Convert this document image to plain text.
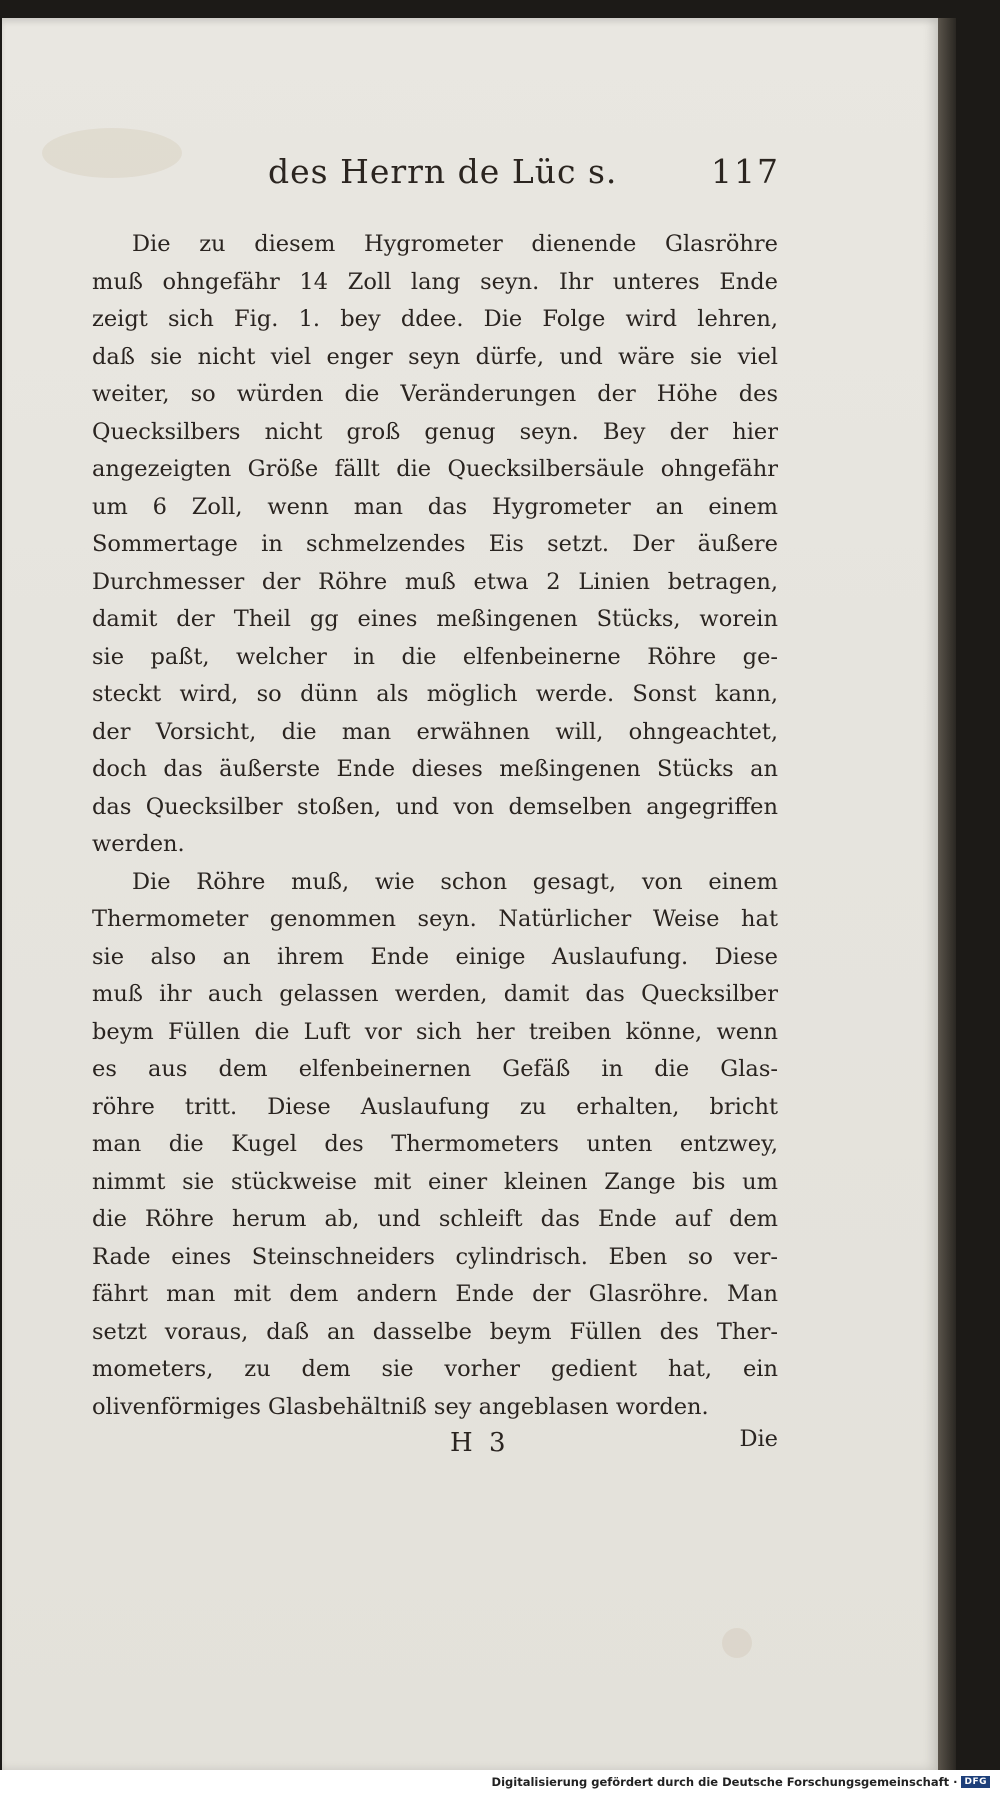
des Herrn de Lüc s.	117
Die zu diesem Hygrometer dienende Glasröhre
muß ohngefähr 14 Zoll lang seyn. Ihr unteres Ende
zeigt sich Fig. 1. bey ddee. Die Folge wird lehren,
daß sie nicht viel enger seyn dürfe, und wäre sie viel
weiter, so würden die Veränderungen der Höhe des
Quecksilbers nicht groß genug seyn. Bey der hier
angezeigten Größe fällt die Quecksilbersäule ohngefähr
um 6 Zoll, wenn man das Hygrometer an einem
Sommertage in schmelzendes Eis setzt. Der äußere
Durchmesser der Röhre muß etwa 2 Linien betragen,
damit der Theil gg eines meßingenen Stücks, worein
sie paßt, welcher in die elfenbeinerne Röhre ge-
steckt wird, so dünn als möglich werde. Sonst kann,
der Vorsicht, die man erwähnen will, ohngeachtet,
doch das äußerste Ende dieses meßingenen Stücks an
das Quecksilber stoßen, und von demselben angegriffen
werden.
Die Röhre muß, wie schon gesagt, von einem
Thermometer genommen seyn. Natürlicher Weise hat
sie also an ihrem Ende einige Auslaufung. Diese
muß ihr auch gelassen werden, damit das Quecksilber
beym Füllen die Luft vor sich her treiben könne, wenn
es aus dem elfenbeinernen Gefäß in die Glas-
röhre tritt. Diese Auslaufung zu erhalten, bricht
man die Kugel des Thermometers unten entzwey,
nimmt sie stückweise mit einer kleinen Zange bis um
die Röhre herum ab, und schleift das Ende auf dem
Rade eines Steinschneiders cylindrisch. Eben so ver-
fährt man mit dem andern Ende der Glasröhre. Man
setzt voraus, daß an dasselbe beym Füllen des Ther-
mometers, zu dem sie vorher gedient hat, ein
olivenförmiges Glasbehältniß sey angeblasen worden.
H 3	Die
Digitalisierung gefördert durch die Deutsche Forschungsgemeinschaft · DFG
